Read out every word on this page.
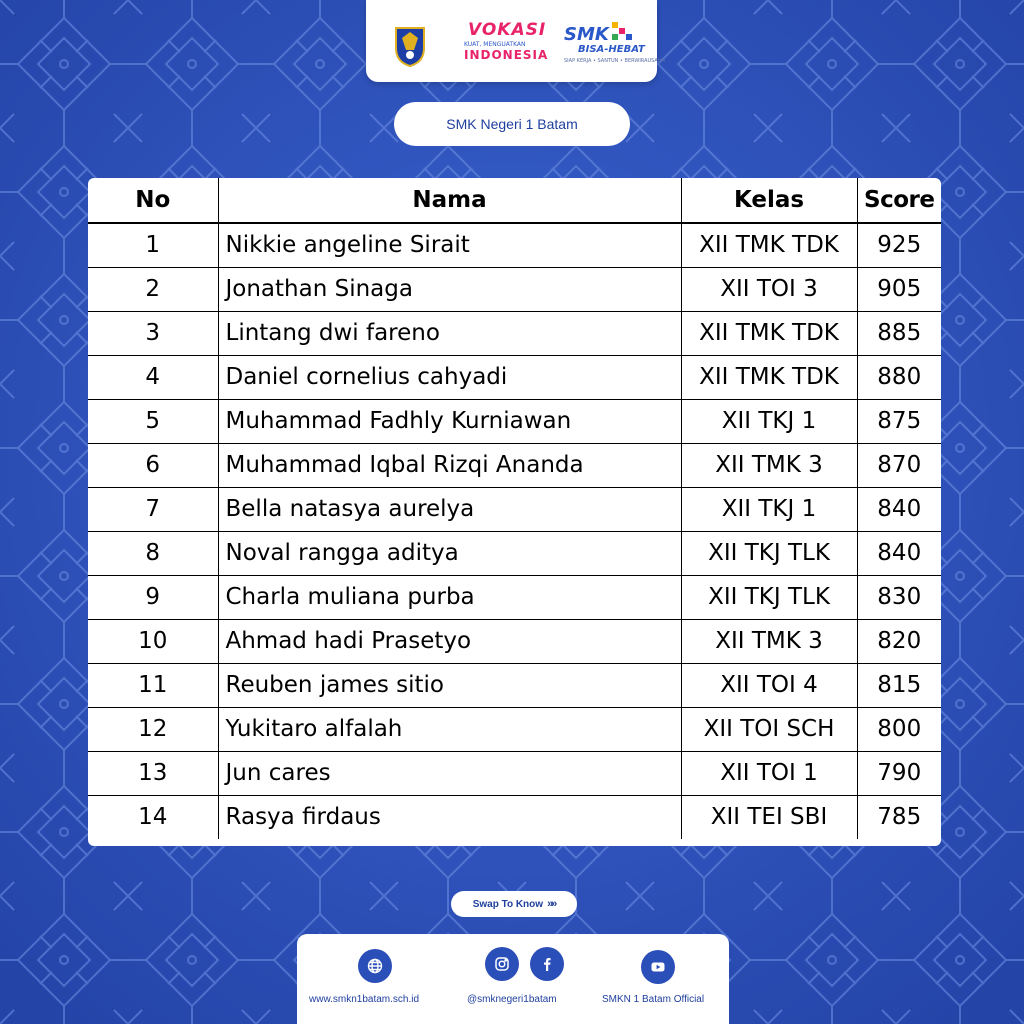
VOKASI
KUAT, MENGUATKAN
INDONESIA
SMK
BISA-HEBAT
SIAP KERJA • SANTUN • BERWIRAUSAHA
SMK Negeri 1 Batam
No	Nama	Kelas	Score
1	Nikkie angeline Sirait	XII TMK TDK	925
2	Jonathan Sinaga	XII TOI 3	905
3	Lintang dwi fareno	XII TMK TDK	885
4	Daniel cornelius cahyadi	XII TMK TDK	880
5	Muhammad Fadhly Kurniawan	XII TKJ 1	875
6	Muhammad Iqbal Rizqi Ananda	XII TMK 3	870
7	Bella natasya aurelya	XII TKJ 1	840
8	Noval rangga aditya	XII TKJ TLK	840
9	Charla muliana purba	XII TKJ TLK	830
10	Ahmad hadi Prasetyo	XII TMK 3	820
11	Reuben james sitio	XII TOI 4	815
12	Yukitaro alfalah	XII TOI SCH	800
13	Jun cares	XII TOI 1	790
14	Rasya firdaus	XII TEI SBI	785
Swap To Know »»
www.smkn1batam.sch.id	@smknegeri1batam	SMKN 1 Batam Official
